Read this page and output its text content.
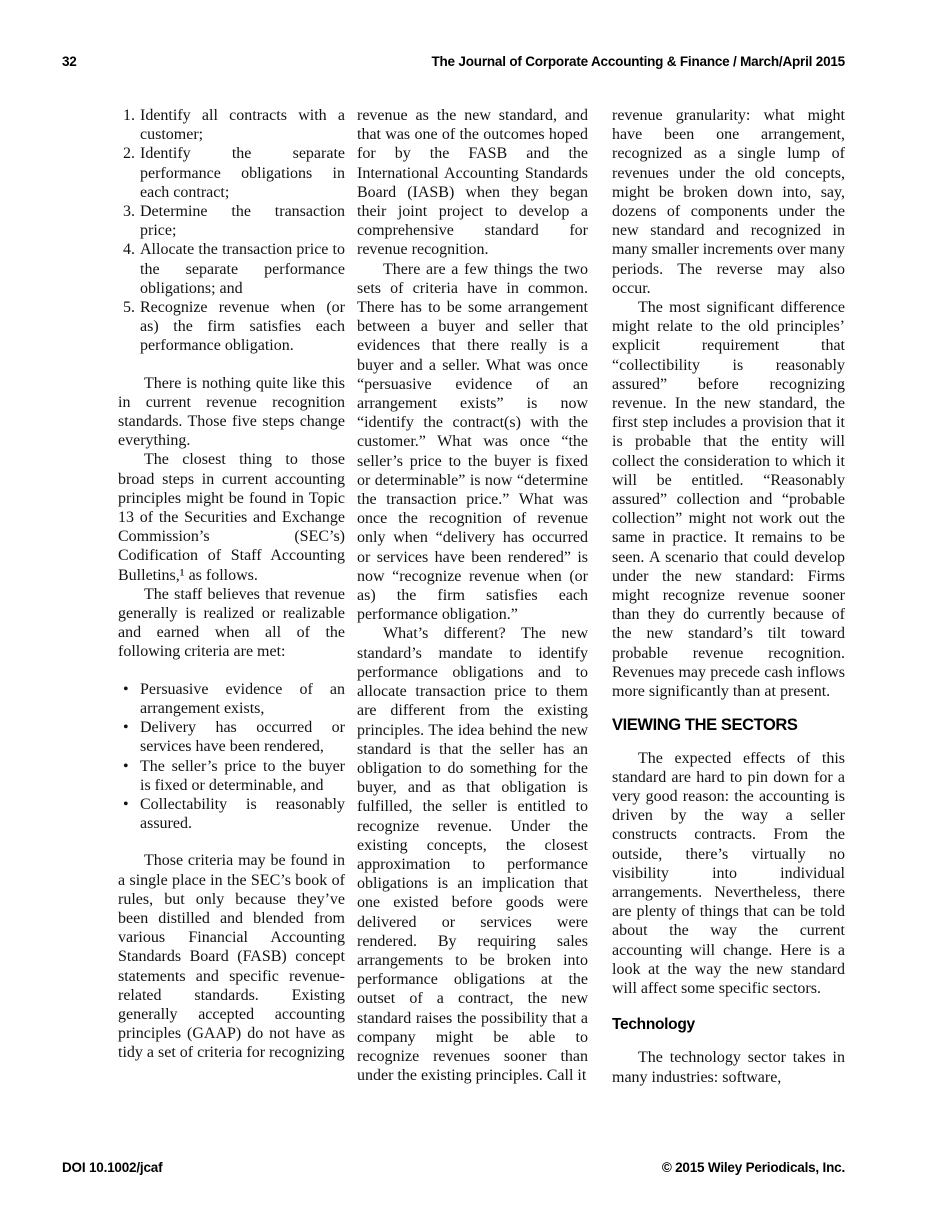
32	The Journal of Corporate Accounting & Finance / March/April 2015
1. Identify all contracts with a customer;
2. Identify the separate performance obligations in each contract;
3. Determine the transaction price;
4. Allocate the transaction price to the separate performance obligations; and
5. Recognize revenue when (or as) the firm satisfies each performance obligation.

There is nothing quite like this in current revenue recognition standards. Those five steps change everything.

The closest thing to those broad steps in current accounting principles might be found in Topic 13 of the Securities and Exchange Commission’s (SEC’s) Codification of Staff Accounting Bulletins,¹ as follows.

The staff believes that revenue generally is realized or realizable and earned when all of the following criteria are met:

• Persuasive evidence of an arrangement exists,
• Delivery has occurred or services have been rendered,
• The seller’s price to the buyer is fixed or determinable, and
• Collectability is reasonably assured.

Those criteria may be found in a single place in the SEC’s book of rules, but only because they’ve been distilled and blended from various Financial Accounting Standards Board (FASB) concept statements and specific revenue-related standards. Existing generally accepted accounting principles (GAAP) do not have as tidy a set of criteria for recognizing

revenue as the new standard, and that was one of the outcomes hoped for by the FASB and the International Accounting Standards Board (IASB) when they began their joint project to develop a comprehensive standard for revenue recognition.

There are a few things the two sets of criteria have in common. There has to be some arrangement between a buyer and seller that evidences that there really is a buyer and a seller. What was once “persuasive evidence of an arrangement exists” is now “identify the contract(s) with the customer.” What was once “the seller’s price to the buyer is fixed or determinable” is now “determine the transaction price.” What was once the recognition of revenue only when “delivery has occurred or services have been rendered” is now “recognize revenue when (or as) the firm satisfies each performance obligation.”

What’s different? The new standard’s mandate to identify performance obligations and to allocate transaction price to them are different from the existing principles. The idea behind the new standard is that the seller has an obligation to do something for the buyer, and as that obligation is fulfilled, the seller is entitled to recognize revenue. Under the existing concepts, the closest approximation to performance obligations is an implication that one existed before goods were delivered or services were rendered. By requiring sales arrangements to be broken into performance obligations at the outset of a contract, the new standard raises the possibility that a company might be able to recognize revenues sooner than under the existing principles. Call it

revenue granularity: what might have been one arrangement, recognized as a single lump of revenues under the old concepts, might be broken down into, say, dozens of components under the new standard and recognized in many smaller increments over many periods. The reverse may also occur.

The most significant difference might relate to the old principles’ explicit requirement that “collectibility is reasonably assured” before recognizing revenue. In the new standard, the first step includes a provision that it is probable that the entity will collect the consideration to which it will be entitled. “Reasonably assured” collection and “probable collection” might not work out the same in practice. It remains to be seen. A scenario that could develop under the new standard: Firms might recognize revenue sooner than they do currently because of the new standard’s tilt toward probable revenue recognition. Revenues may precede cash inflows more significantly than at present.

VIEWING THE SECTORS

The expected effects of this standard are hard to pin down for a very good reason: the accounting is driven by the way a seller constructs contracts. From the outside, there’s virtually no visibility into individual arrangements. Nevertheless, there are plenty of things that can be told about the way the current accounting will change. Here is a look at the way the new standard will affect some specific sectors.

Technology

The technology sector takes in many industries: software,

DOI 10.1002/jcaf	© 2015 Wiley Periodicals, Inc.
